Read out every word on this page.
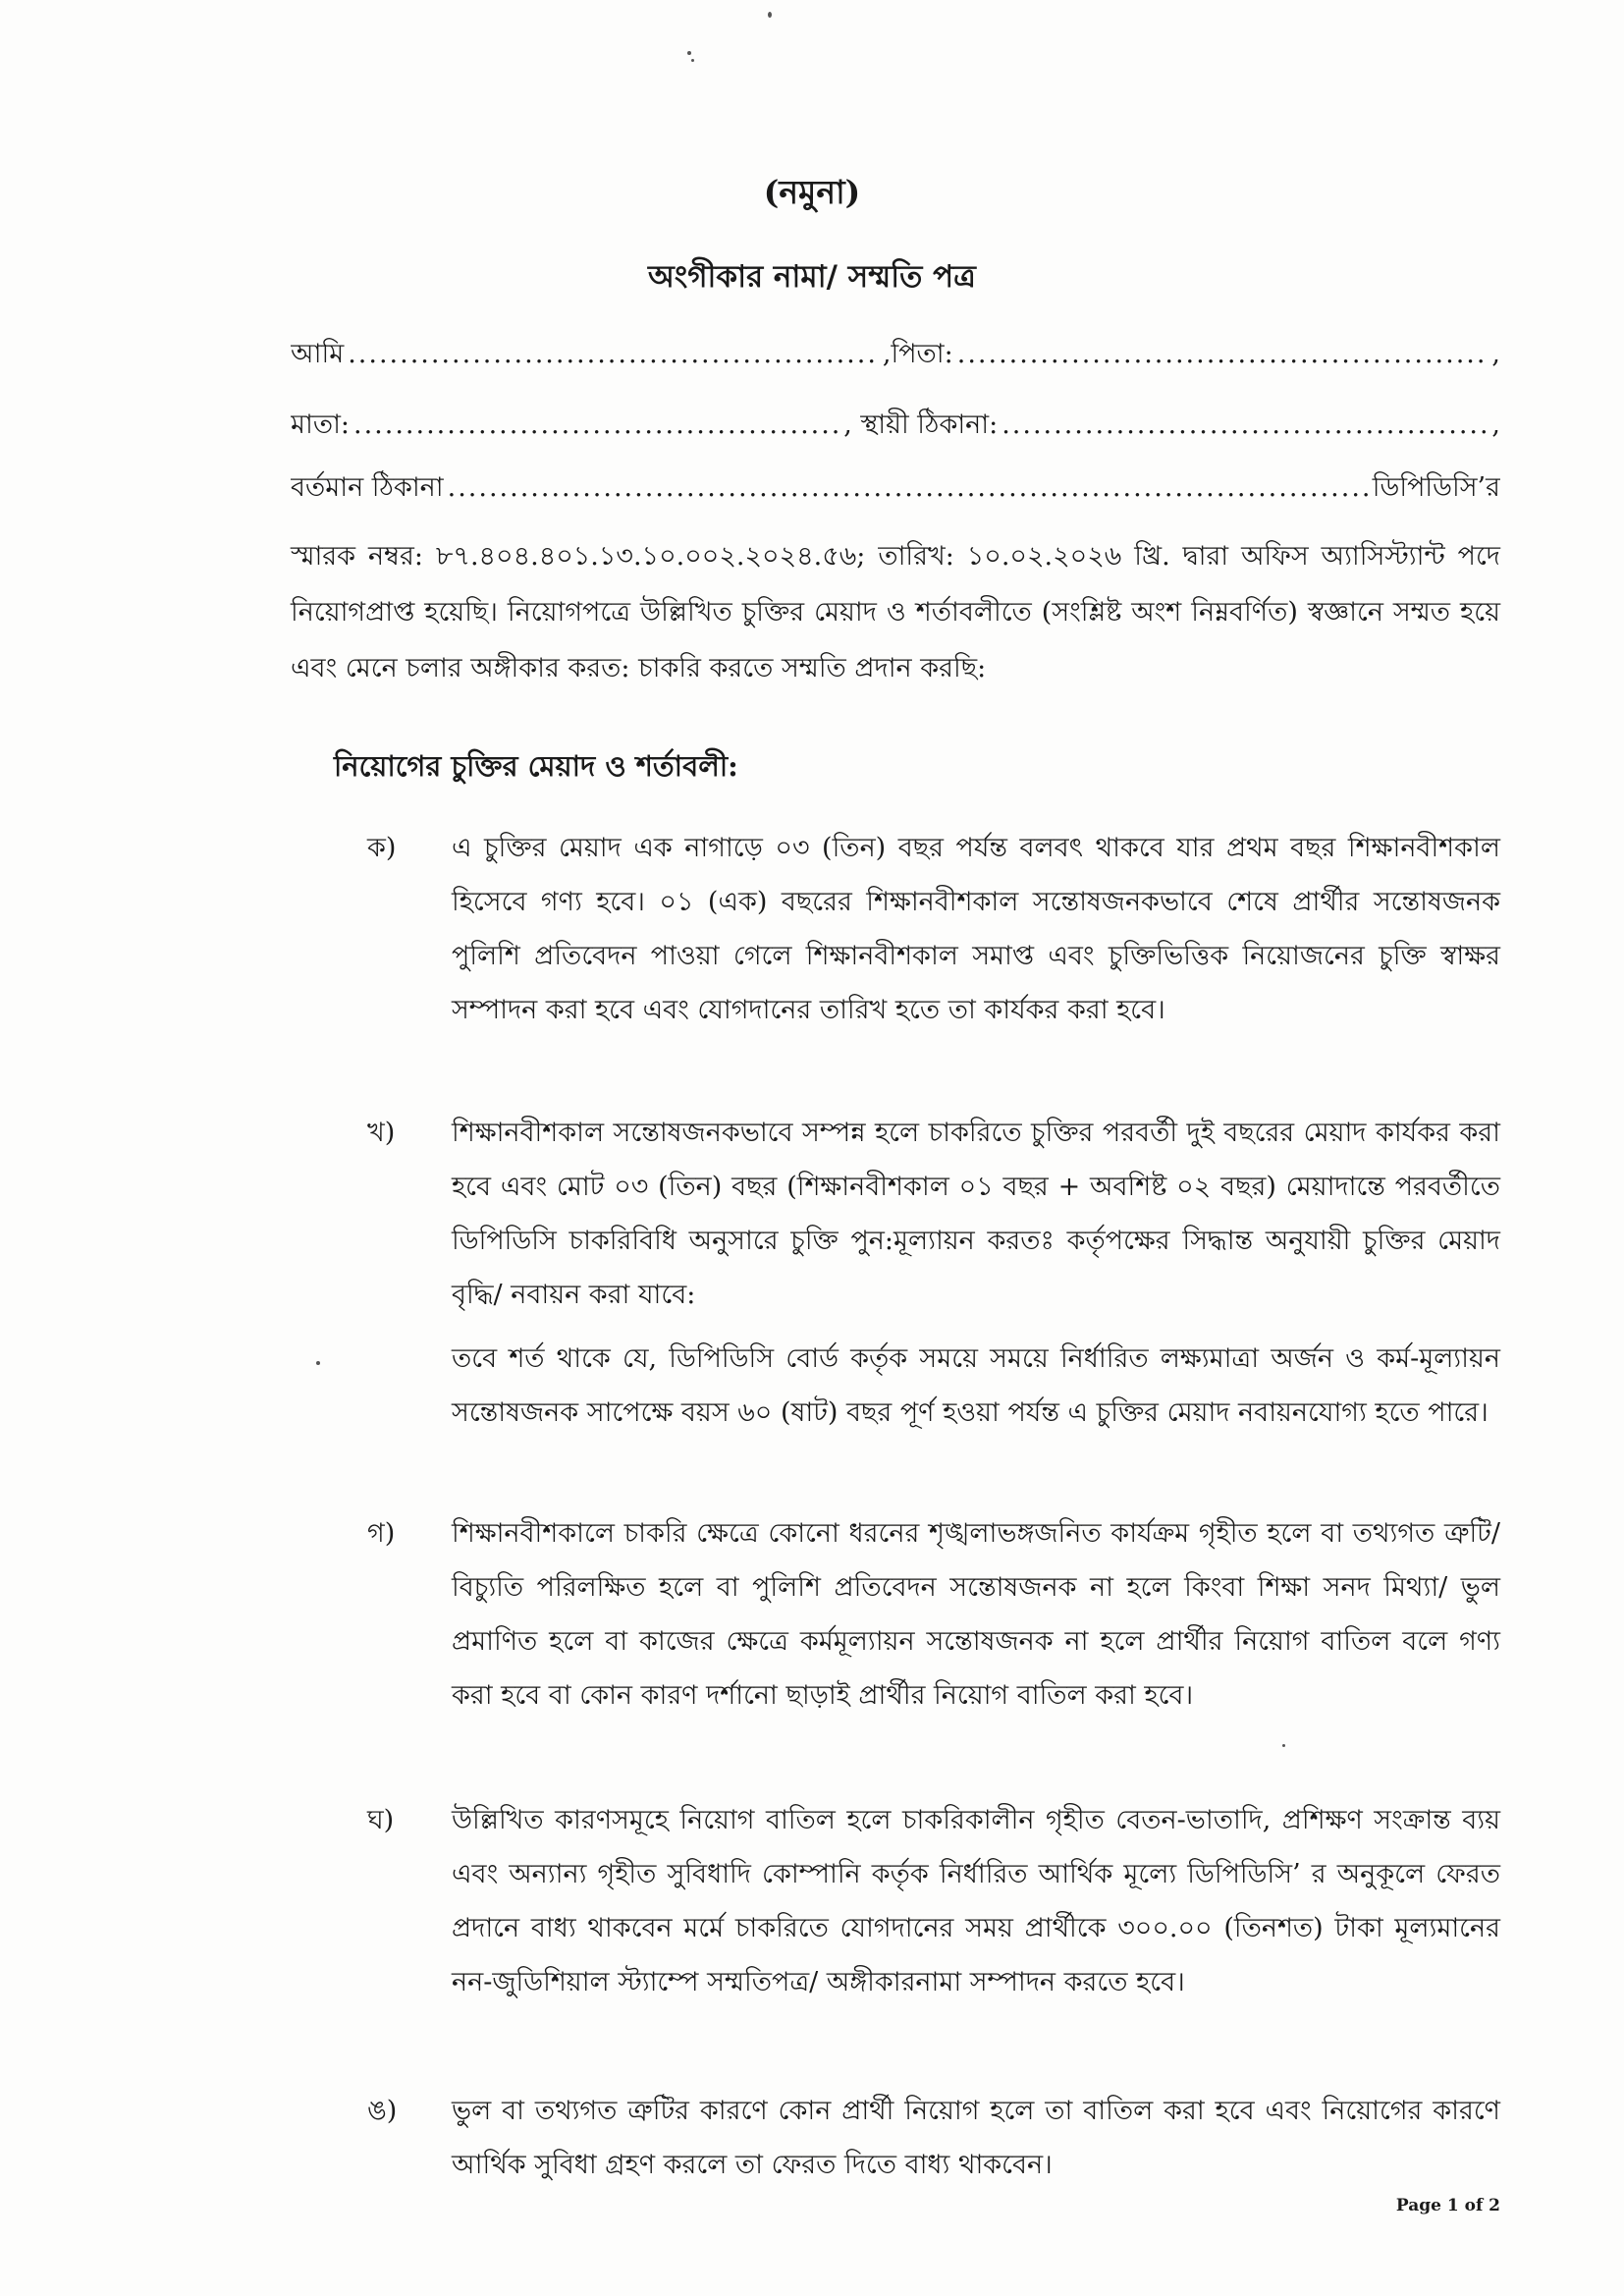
(নমুনা)
অংগীকার নামা/ সম্মতি পত্র
আমি .....	,পিতা: .....	,
মাতা: .....	, স্থায়ী ঠিকানা: .....	,
বর্তমান ঠিকানা .....	ডিপিডিসি’র
স্মারক নম্বর: ৮৭.৪০৪.৪০১.১৩.১০.০০২.২০২৪.৫৬; তারিখ: ১০.০২.২০২৬ খ্রি. দ্বারা অফিস অ্যাসিস্ট্যান্ট পদে নিয়োগপ্রাপ্ত হয়েছি। নিয়োগপত্রে উল্লিখিত চুক্তির মেয়াদ ও শর্তাবলীতে (সংশ্লিষ্ট অংশ নিম্নবর্ণিত) স্বজ্ঞানে সম্মত হয়ে এবং মেনে চলার অঙ্গীকার করত: চাকরি করতে সম্মতি প্রদান করছি:
নিয়োগের চুক্তির মেয়াদ ও শর্তাবলী:
ক)	এ চুক্তির মেয়াদ এক নাগাড়ে ০৩ (তিন) বছর পর্যন্ত বলবৎ থাকবে যার প্রথম বছর শিক্ষানবীশকাল হিসেবে গণ্য হবে। ০১ (এক) বছরের শিক্ষানবীশকাল সন্তোষজনকভাবে শেষে প্রার্থীর সন্তোষজনক পুলিশি প্রতিবেদন পাওয়া গেলে শিক্ষানবীশকাল সমাপ্ত এবং চুক্তিভিত্তিক নিয়োজনের চুক্তি স্বাক্ষর সম্পাদন করা হবে এবং যোগদানের তারিখ হতে তা কার্যকর করা হবে।
খ)	শিক্ষানবীশকাল সন্তোষজনকভাবে সম্পন্ন হলে চাকরিতে চুক্তির পরবর্তী দুই বছরের মেয়াদ কার্যকর করা হবে এবং মোট ০৩ (তিন) বছর (শিক্ষানবীশকাল ০১ বছর + অবশিষ্ট ০২ বছর) মেয়াদান্তে পরবর্তীতে ডিপিডিসি চাকরিবিধি অনুসারে চুক্তি পুন:মূল্যায়ন করতঃ কর্তৃপক্ষের সিদ্ধান্ত অনুযায়ী চুক্তির মেয়াদ বৃদ্ধি/ নবায়ন করা যাবে:
তবে শর্ত থাকে যে, ডিপিডিসি বোর্ড কর্তৃক সময়ে সময়ে নির্ধারিত লক্ষ্যমাত্রা অর্জন ও কর্ম-মূল্যায়ন সন্তোষজনক সাপেক্ষে বয়স ৬০ (ষাট) বছর পূর্ণ হওয়া পর্যন্ত এ চুক্তির মেয়াদ নবায়নযোগ্য হতে পারে।
গ)	শিক্ষানবীশকালে চাকরি ক্ষেত্রে কোনো ধরনের শৃঙ্খলাভঙ্গজনিত কার্যক্রম গৃহীত হলে বা তথ্যগত ত্রুটি/ বিচ্যুতি পরিলক্ষিত হলে বা পুলিশি প্রতিবেদন সন্তোষজনক না হলে কিংবা শিক্ষা সনদ মিথ্যা/ ভুল প্রমাণিত হলে বা কাজের ক্ষেত্রে কর্মমূল্যায়ন সন্তোষজনক না হলে প্রার্থীর নিয়োগ বাতিল বলে গণ্য করা হবে বা কোন কারণ দর্শানো ছাড়াই প্রার্থীর নিয়োগ বাতিল করা হবে।
ঘ)	উল্লিখিত কারণসমূহে নিয়োগ বাতিল হলে চাকরিকালীন গৃহীত বেতন-ভাতাদি, প্রশিক্ষণ সংক্রান্ত ব্যয় এবং অন্যান্য গৃহীত সুবিধাদি কোম্পানি কর্তৃক নির্ধারিত আর্থিক মূল্যে ডিপিডিসি’ র অনুকূলে ফেরত প্রদানে বাধ্য থাকবেন মর্মে চাকরিতে যোগদানের সময় প্রার্থীকে ৩০০.০০ (তিনশত) টাকা মূল্যমানের নন-জুডিশিয়াল স্ট্যাম্পে সম্মতিপত্র/ অঙ্গীকারনামা সম্পাদন করতে হবে।
ঙ)	ভুল বা তথ্যগত ত্রুটির কারণে কোন প্রার্থী নিয়োগ হলে তা বাতিল করা হবে এবং নিয়োগের কারণে আর্থিক সুবিধা গ্রহণ করলে তা ফেরত দিতে বাধ্য থাকবেন।
Page 1 of 2
